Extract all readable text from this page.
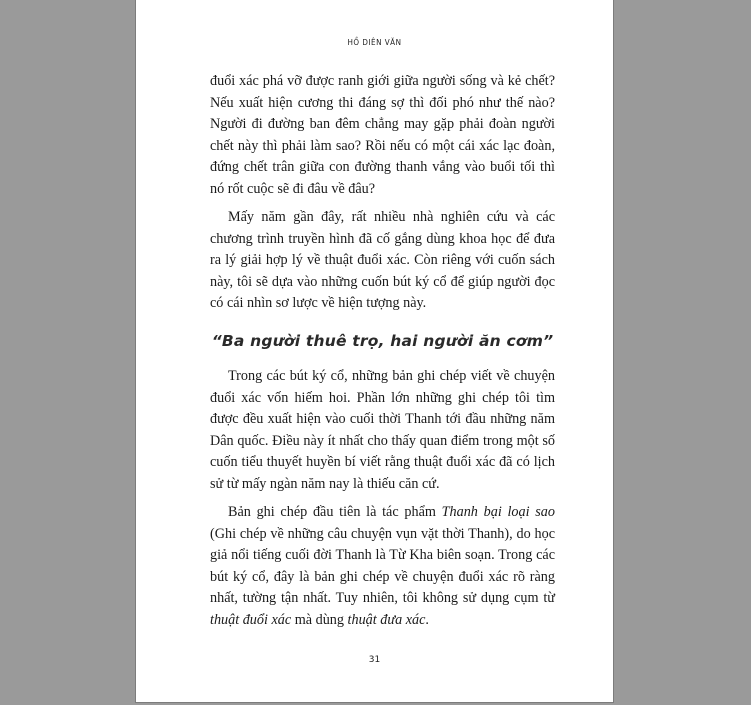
HỒ DIÊN VĂN

đuổi xác phá vỡ được ranh giới giữa người sống và kẻ chết? Nếu xuất hiện cương thi đáng sợ thì đối phó như thế nào? Người đi đường ban đêm chẳng may gặp phải đoàn người chết này thì phải làm sao? Rồi nếu có một cái xác lạc đoàn, đứng chết trân giữa con đường thanh vắng vào buổi tối thì nó rốt cuộc sẽ đi đâu về đâu?

Mấy năm gần đây, rất nhiều nhà nghiên cứu và các chương trình truyền hình đã cố gắng dùng khoa học để đưa ra lý giải hợp lý về thuật đuổi xác. Còn riêng với cuốn sách này, tôi sẽ dựa vào những cuốn bút ký cổ để giúp người đọc có cái nhìn sơ lược về hiện tượng này.

“Ba người thuê trọ, hai người ăn cơm”

Trong các bút ký cổ, những bản ghi chép viết về chuyện đuổi xác vốn hiếm hoi. Phần lớn những ghi chép tôi tìm được đều xuất hiện vào cuối thời Thanh tới đầu những năm Dân quốc. Điều này ít nhất cho thấy quan điểm trong một số cuốn tiểu thuyết huyền bí viết rằng thuật đuổi xác đã có lịch sử từ mấy ngàn năm nay là thiếu căn cứ.

Bản ghi chép đầu tiên là tác phẩm Thanh bại loại sao (Ghi chép về những câu chuyện vụn vặt thời Thanh), do học giả nổi tiếng cuối đời Thanh là Từ Kha biên soạn. Trong các bút ký cổ, đây là bản ghi chép về chuyện đuổi xác rõ ràng nhất, tường tận nhất. Tuy nhiên, tôi không sử dụng cụm từ thuật đuổi xác mà dùng thuật đưa xác.

31
